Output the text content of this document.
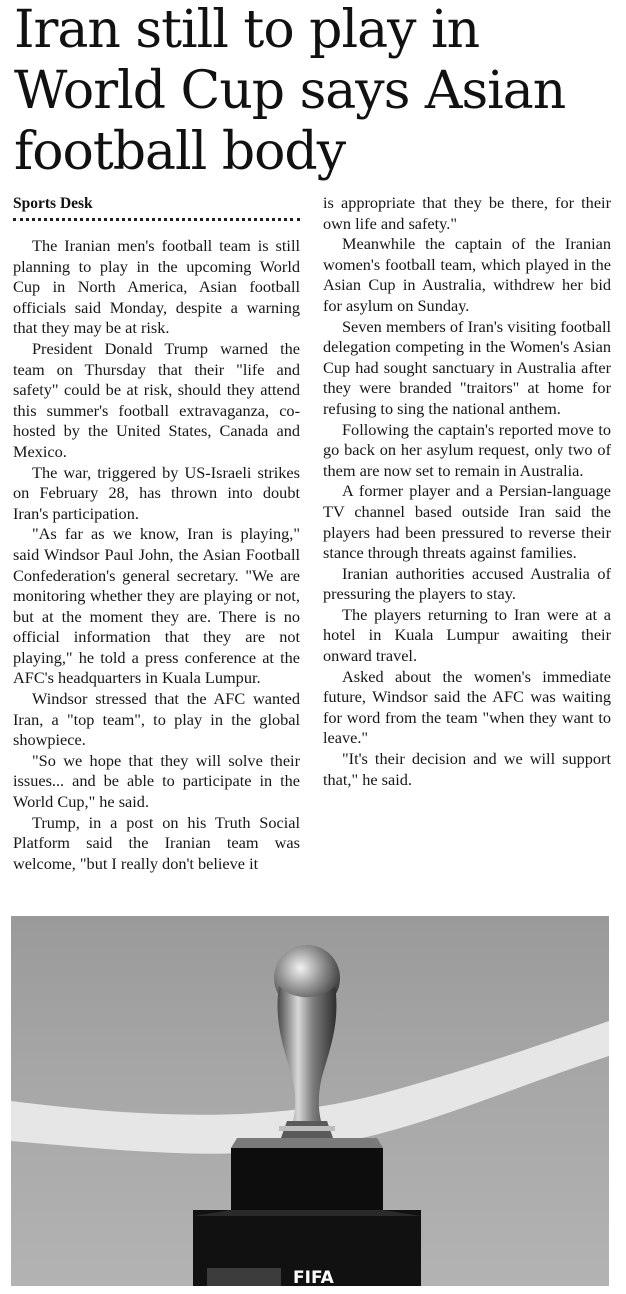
Iran still to play in World Cup says Asian football body
Sports Desk

The Iranian men's football team is still planning to play in the upcoming World Cup in North America, Asian football officials said Monday, despite a warning that they may be at risk.

President Donald Trump warned the team on Thursday that their "life and safety" could be at risk, should they attend this summer's football extravaganza, co-hosted by the United States, Canada and Mexico.

The war, triggered by US-Israeli strikes on February 28, has thrown into doubt Iran's participation.

"As far as we know, Iran is playing," said Windsor Paul John, the Asian Football Confederation's general secretary. "We are monitoring whether they are playing or not, but at the moment they are. There is no official information that they are not playing," he told a press conference at the AFC's headquarters in Kuala Lumpur.

Windsor stressed that the AFC wanted Iran, a "top team", to play in the global showpiece.

"So we hope that they will solve their issues... and be able to participate in the World Cup," he said.

Trump, in a post on his Truth Social Platform said the Iranian team was welcome, "but I really don't believe it

is appropriate that they be there, for their own life and safety."

Meanwhile the captain of the Iranian women's football team, which played in the Asian Cup in Australia, withdrew her bid for asylum on Sunday.

Seven members of Iran's visiting football delegation competing in the Women's Asian Cup had sought sanctuary in Australia after they were branded "traitors" at home for refusing to sing the national anthem.

Following the captain's reported move to go back on her asylum request, only two of them are now set to remain in Australia.

A former player and a Persian-language TV channel based outside Iran said the players had been pressured to reverse their stance through threats against families.

Iranian authorities accused Australia of pressuring the players to stay.

The players returning to Iran were at a hotel in Kuala Lumpur awaiting their onward travel.

Asked about the women's immediate future, Windsor said the AFC was waiting for word from the team "when they want to leave."

"It's their decision and we will support that," he said.

FIFA
